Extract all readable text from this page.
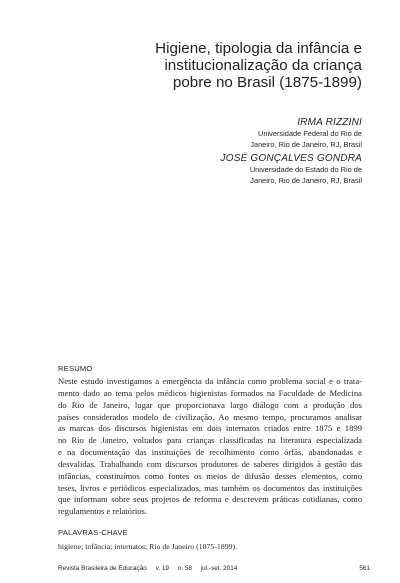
Higiene, tipologia da infância e
institucionalização da criança
pobre no Brasil (1875-1899)
IRMA RIZZINI
Universidade Federal do Rio de
Janeiro, Rio de Janeiro, RJ, Brasil
JOSÉ GONÇALVES GONDRA
Universidade do Estado do Rio de
Janeiro, Rio de Janeiro, RJ, Brasil
RESUMO
Neste estudo investigamos a emergência da infância como problema social e o trata-
mento dado ao tema pelos médicos higienistas formados na Faculdade de Medicina
do Rio de Janeiro, lugar que proporcionava largo diálogo com a produção dos
países considerados modelo de civilização. Ao mesmo tempo, procuramos analisar
as marcas dos discursos higienistas em dois internatos criados entre 1875 e 1899
no Rio de Janeiro, voltados para crianças classificadas na literatura especializada
e na documentação das instituições de recolhimento como órfãs, abandonadas e
desvalidas. Trabalhando com discursos produtores de saberes dirigidos à gestão das
infâncias, constituímos como fontes os meios de difusão desses elementos, como
teses, livros e periódicos especializados, mas também os documentos das instituições
que informam sobre seus projetos de reforma e descrevem práticas cotidianas, como
regulamentos e relatórios.
PALAVRAS-CHAVE
higiene; infância; internatos; Rio de Janeiro (1875-1899).
Revista Brasileira de Educação v. 19 n. 58 jul.-set. 2014	561
